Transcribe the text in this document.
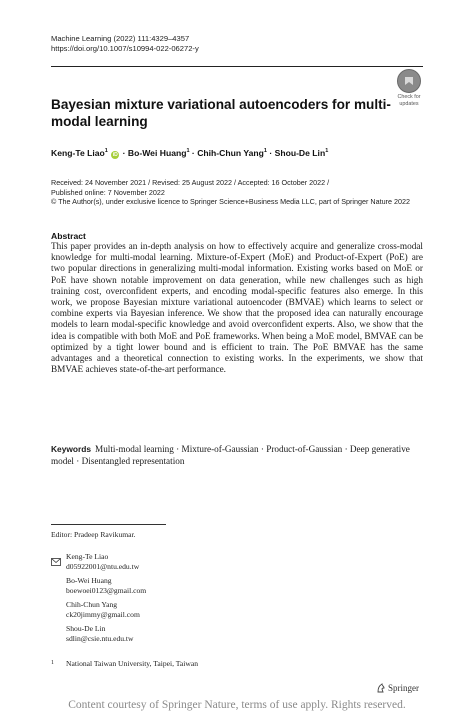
Machine Learning (2022) 111:4329–4357
https://doi.org/10.1007/s10994-022-06272-y
Check for
updates
Bayesian mixture variational autoencoders for multi-modal learning
Keng-Te Liao$^1$ iD · Bo-Wei Huang$^1$ · Chih-Chun Yang$^1$ · Shou-De Lin$^1$
Received: 24 November 2021 / Revised: 25 August 2022 / Accepted: 16 October 2022 /
Published online: 7 November 2022
© The Author(s), under exclusive licence to Springer Science+Business Media LLC, part of Springer Nature 2022
Abstract
This paper provides an in-depth analysis on how to effectively acquire and generalize cross-modal knowledge for multi-modal learning. Mixture-of-Expert (MoE) and Product-of-Expert (PoE) are two popular directions in generalizing multi-modal information. Existing works based on MoE or PoE have shown notable improvement on data generation, while new challenges such as high training cost, overconfident experts, and encoding modal-specific features also emerge. In this work, we propose Bayesian mixture variational autoencoder (BMVAE) which learns to select or combine experts via Bayesian inference. We show that the proposed idea can naturally encourage models to learn modal-specific knowledge and avoid overconfident experts. Also, we show that the idea is compatible with both MoE and PoE frameworks. When being a MoE model, BMVAE can be optimized by a tight lower bound and is efficient to train. The PoE BMVAE has the same advantages and a theoretical connection to existing works. In the experiments, we show that BMVAE achieves state-of-the-art performance.
Keywords Multi-modal learning · Mixture-of-Gaussian · Product-of-Gaussian · Deep generative model · Disentangled representation
Editor: Pradeep Ravikumar.
Keng-Te Liao
d05922001@ntu.edu.tw
Bo-Wei Huang
boewoei0123@gmail.com
Chih-Chun Yang
ck20jimmy@gmail.com
Shou-De Lin
sdlin@csie.ntu.edu.tw
1 National Taiwan University, Taipei, Taiwan
Springer
Content courtesy of Springer Nature, terms of use apply. Rights reserved.
